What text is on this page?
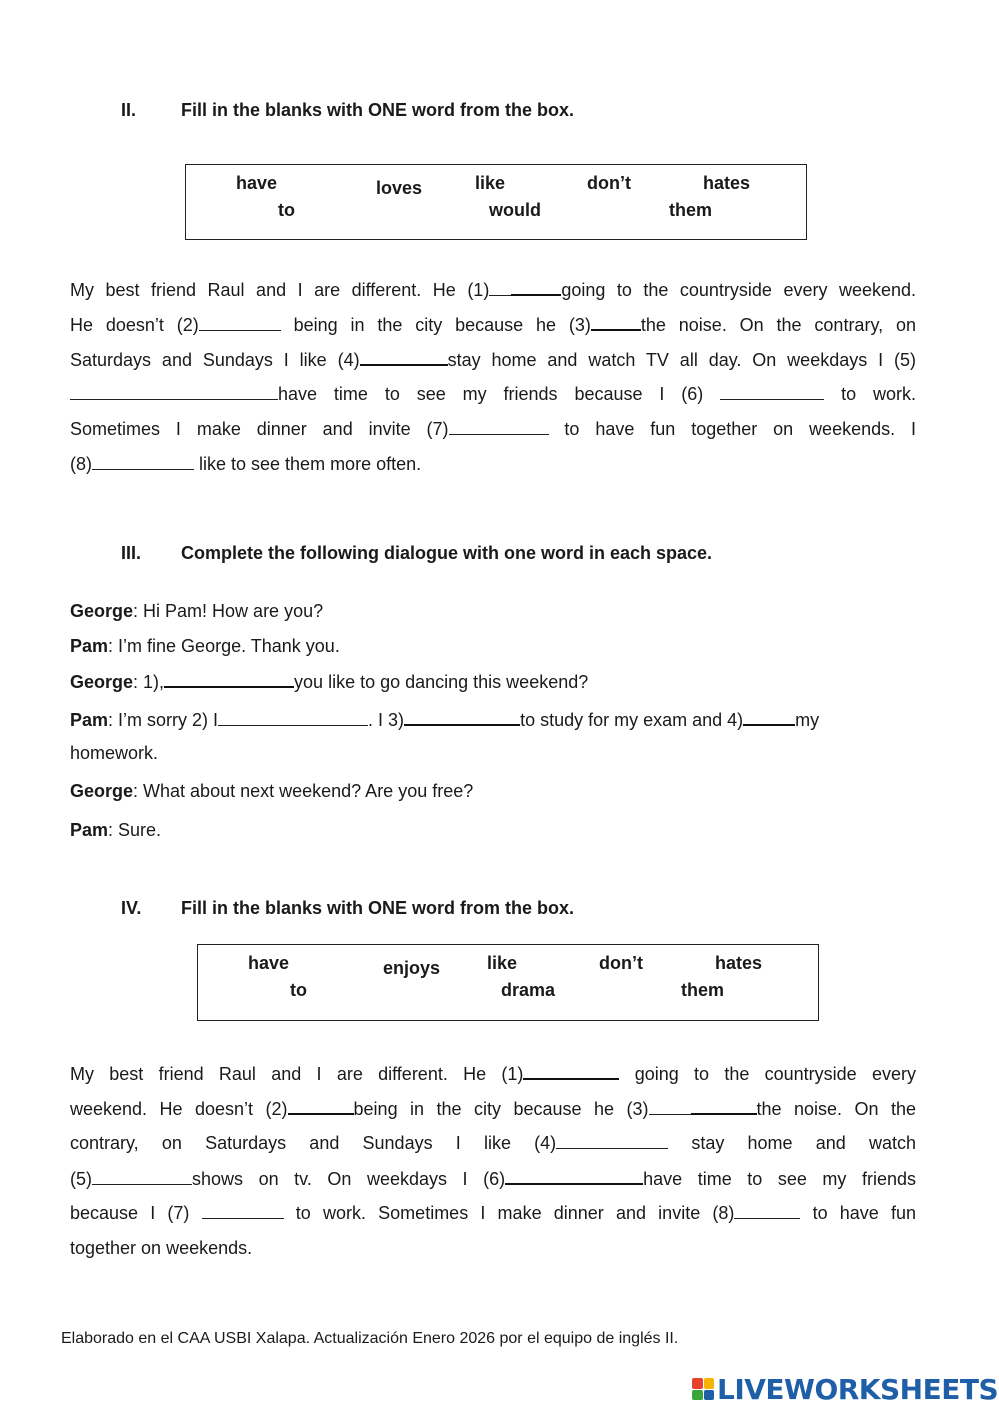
II. Fill in the blanks with ONE word from the box.
have
to
loves	like
would
don’t	hates
them
My best friend Raul and I are different. He (1)	going to the countryside every weekend.
He doesn’t (2)	being in the city because he (3)	the noise. On the contrary, on
Saturdays and Sundays I like (4)	stay home and watch TV all day. On weekdays I (5)
have time to see my friends because I (6)	to work.
Sometimes I make dinner and invite (7)	to have fun together on weekends. I
(8)	like to see them more often.
III. Complete the following dialogue with one word in each space.
George: Hi Pam! How are you?
Pam: I’m fine George. Thank you.
George: 1),	you like to go dancing this weekend?
Pam: I’m sorry 2) I	. I 3)	to study for my exam and 4)	my
homework.
George: What about next weekend? Are you free?
Pam: Sure.
IV. Fill in the blanks with ONE word from the box.
have
to
enjoys	like
drama
don’t	hates
them
My best friend Raul and I are different. He (1)	going to the countryside every
weekend. He doesn’t (2)	being in the city because he (3)	the noise. On the
contrary, on Saturdays and Sundays I like (4)	stay home and watch
(5)	shows on tv. On weekdays I (6)	have time to see my friends
because I (7)	to work. Sometimes I make dinner and invite (8)	to have fun
together on weekends.
Elaborado en el CAA USBI Xalapa. Actualización Enero 2026 por el equipo de inglés II.
LIVEWORKSHEETS
